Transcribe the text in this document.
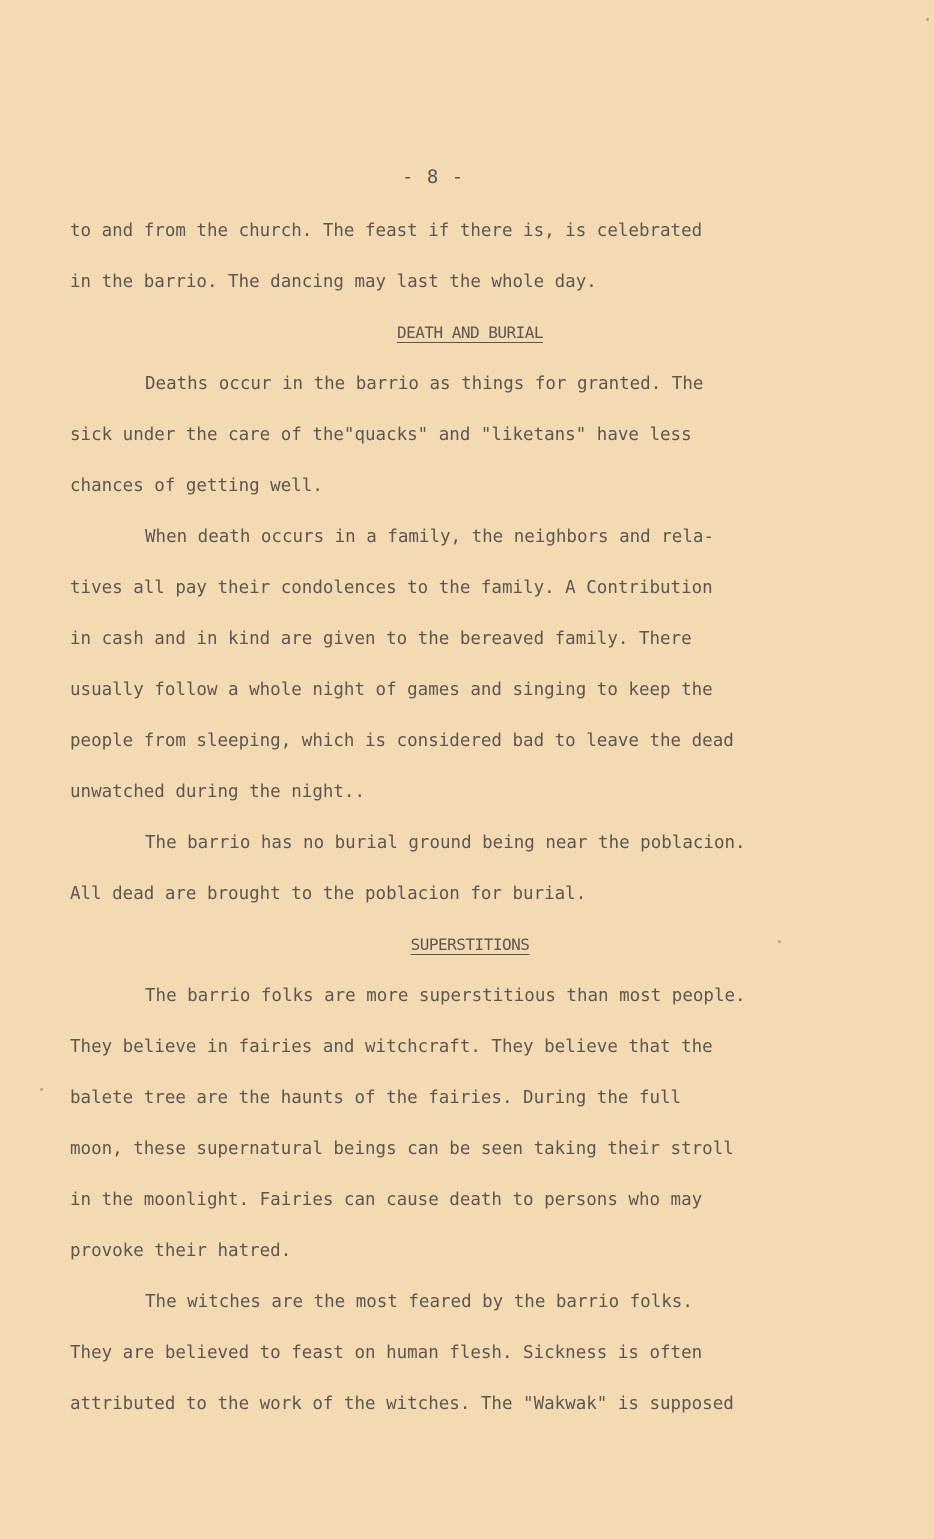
- 8 -
to and from the church. The feast if there is, is celebrated
in the barrio. The dancing may last the whole day.
DEATH AND BURIAL
Deaths occur in the barrio as things for granted. The
sick under the care of the"quacks" and "liketans" have less
chances of getting well.
When death occurs in a family, the neighbors and rela-
tives all pay their condolences to the family. A Contribution
in cash and in kind are given to the bereaved family. There
usually follow a whole night of games and singing to keep the
people from sleeping, which is considered bad to leave the dead
unwatched during the night..
The barrio has no burial ground being near the poblacion.
All dead are brought to the poblacion for burial.
SUPERSTITIONS
The barrio folks are more superstitious than most people.
They believe in fairies and witchcraft. They believe that the
balete tree are the haunts of the fairies. During the full
moon, these supernatural beings can be seen taking their stroll
in the moonlight. Fairies can cause death to persons who may
provoke their hatred.
The witches are the most feared by the barrio folks.
They are believed to feast on human flesh. Sickness is often
attributed to the work of the witches. The "Wakwak" is supposed
